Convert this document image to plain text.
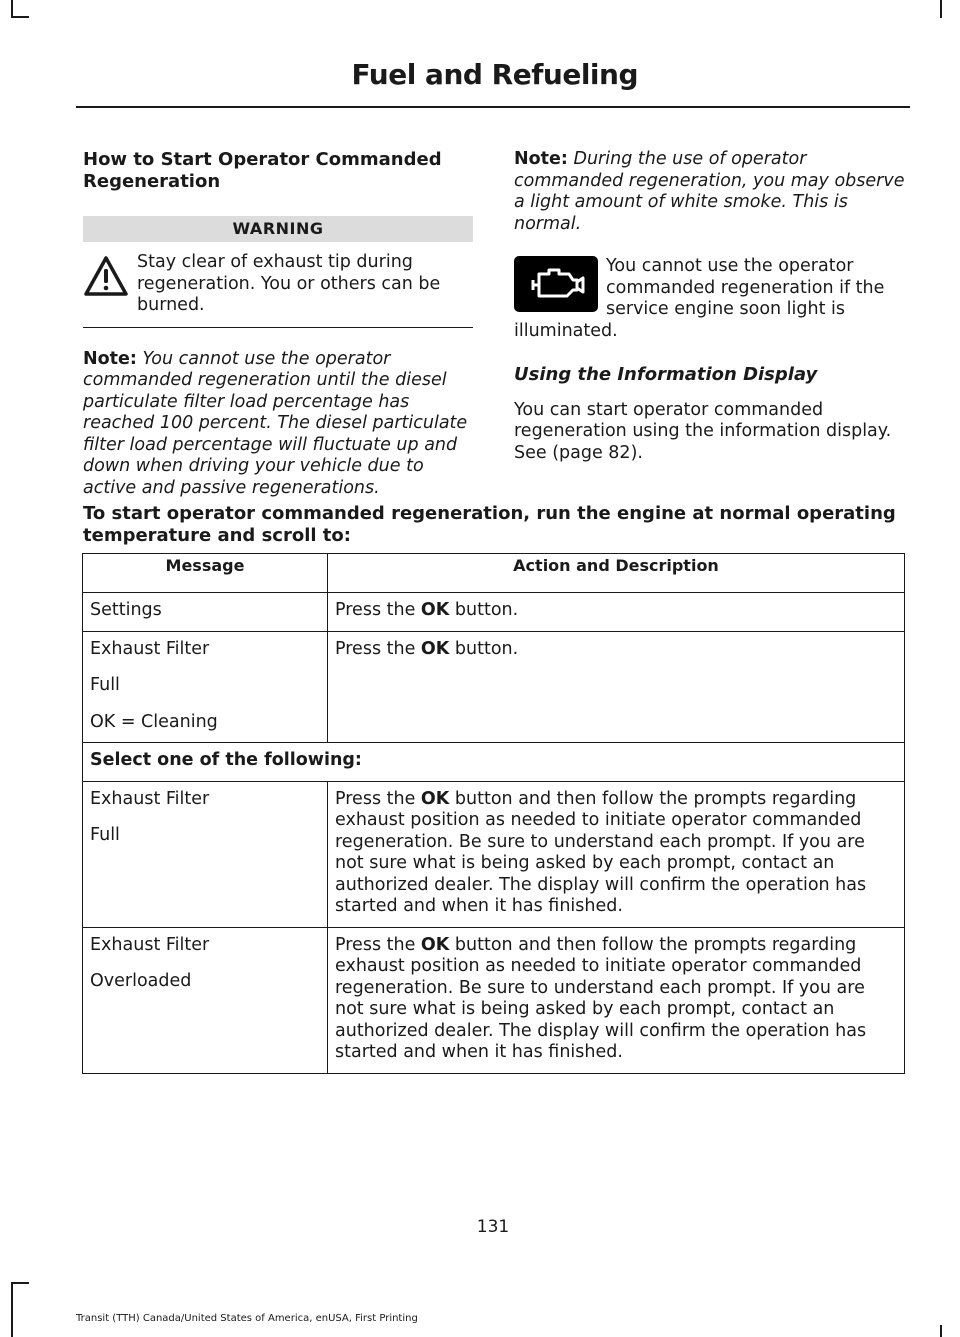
Fuel and Refueling

How to Start Operator Commanded Regeneration

WARNING
Stay clear of exhaust tip during regeneration. You or others can be burned.
Note: You cannot use the operator commanded regeneration until the diesel particulate filter load percentage has reached 100 percent. The diesel particulate filter load percentage will fluctuate up and down when driving your vehicle due to active and passive regenerations.
Note: During the use of operator commanded regeneration, you may observe a light amount of white smoke. This is normal.
You cannot use the operator commanded regeneration if the service engine soon light is
illuminated.
Using the Information Display
You can start operator commanded regeneration using the information display. See (page 82).
To start operator commanded regeneration, run the engine at normal operating temperature and scroll to:
Message	Action and Description

Settings	Press the OK button.

Exhaust Filter

Full

OK = Cleaning	Press the OK button.
Select one of the following:	

Exhaust Filter

Full	Press the OK button and then follow the prompts regarding exhaust position as needed to initiate operator commanded regeneration. Be sure to understand each prompt. If you are not sure what is being asked by each prompt, contact an authorized dealer. The display will confirm the operation has started and when it has finished.

Exhaust Filter

Overloaded	Press the OK button and then follow the prompts regarding exhaust position as needed to initiate operator commanded regeneration. Be sure to understand each prompt. If you are not sure what is being asked by each prompt, contact an authorized dealer. The display will confirm the operation has started and when it has finished.
131
Transit (TTH) Canada/United States of America, enUSA, First Printing
